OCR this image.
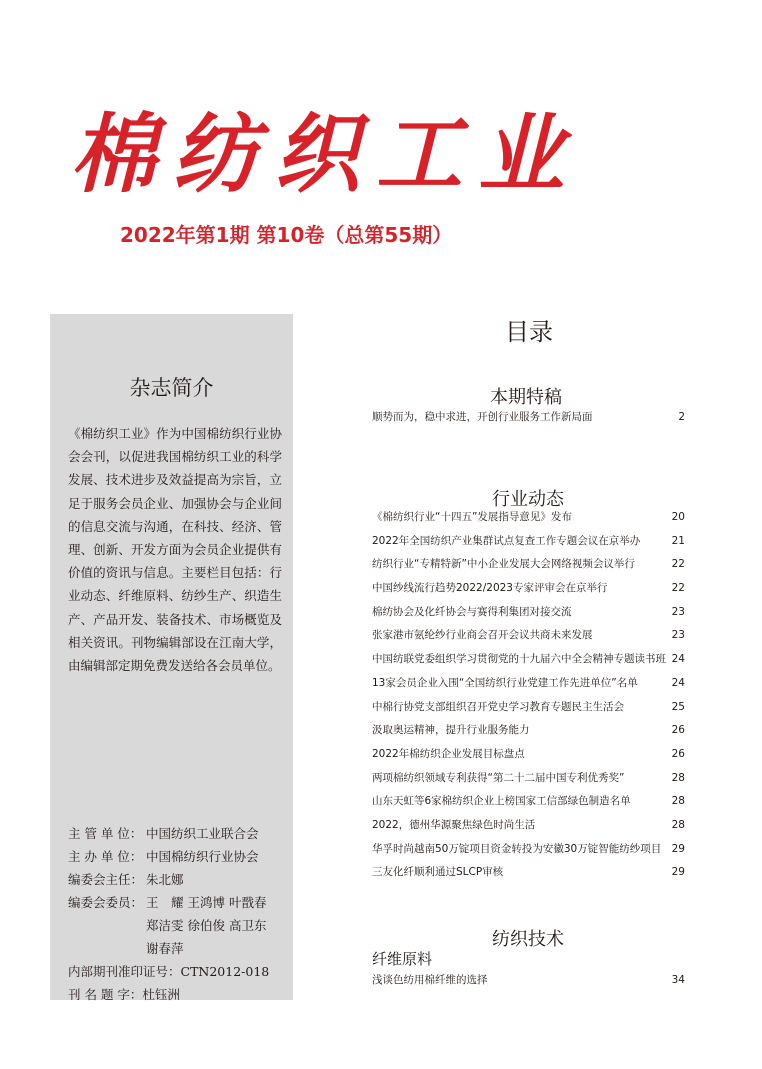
棉纺织工业
2022年第1期 第10卷（总第55期）
杂志简介
《棉纺织工业》作为中国棉纺织行业协会会刊，以促进我国棉纺织工业的科学发展、技术进步及效益提高为宗旨，立足于服务会员企业、加强协会与企业间的信息交流与沟通，在科技、经济、管理、创新、开发方面为会员企业提供有价值的资讯与信息。主要栏目包括：行业动态、纤维原料、纺纱生产、织造生产、产品开发、装备技术、市场概览及相关资讯。刊物编辑部设在江南大学，由编辑部定期免费发送给各会员单位。
主 管 单 位： 中国纺织工业联合会
主 办 单 位： 中国棉纺织行业协会
编委会主任： 朱北娜
编委会委员： 王　耀 王鸿博 叶戬春
郑洁雯 徐伯俊 高卫东
谢春萍
内部期刊准印证号：CTN2012-018
刊 名 题 字：杜钰洲
目录
本期特稿
顺势而为，稳中求进，开创行业服务工作新局面	2
行业动态
《棉纺织行业“十四五”发展指导意见》发布	20
2022年全国纺织产业集群试点复查工作专题会议在京举办	21
纺织行业“专精特新”中小企业发展大会网络视频会议举行	22
中国纱线流行趋势2022/2023专家评审会在京举行	22
棉纺协会及化纤协会与赛得利集团对接交流	23
张家港市氨纶纱行业商会召开会议共商未来发展	23
中国纺联党委组织学习贯彻党的十九届六中全会精神专题读书班 24
13家会员企业入围“全国纺织行业党建工作先进单位”名单	24
中棉行协党支部组织召开党史学习教育专题民主生活会	25
汲取奥运精神，提升行业服务能力	26
2022年棉纺织企业发展目标盘点	26
两项棉纺织领域专利获得“第二十二届中国专利优秀奖”	28
山东天虹等6家棉纺织企业上榜国家工信部绿色制造名单	28
2022，德州华源聚焦绿色时尚生活	28
华孚时尚越南50万锭项目资金转投为安徽30万锭智能纺纱项目 29
三友化纤顺利通过SLCP审核	29
纺织技术
纤维原料
浅谈色纺用棉纤维的选择	34
